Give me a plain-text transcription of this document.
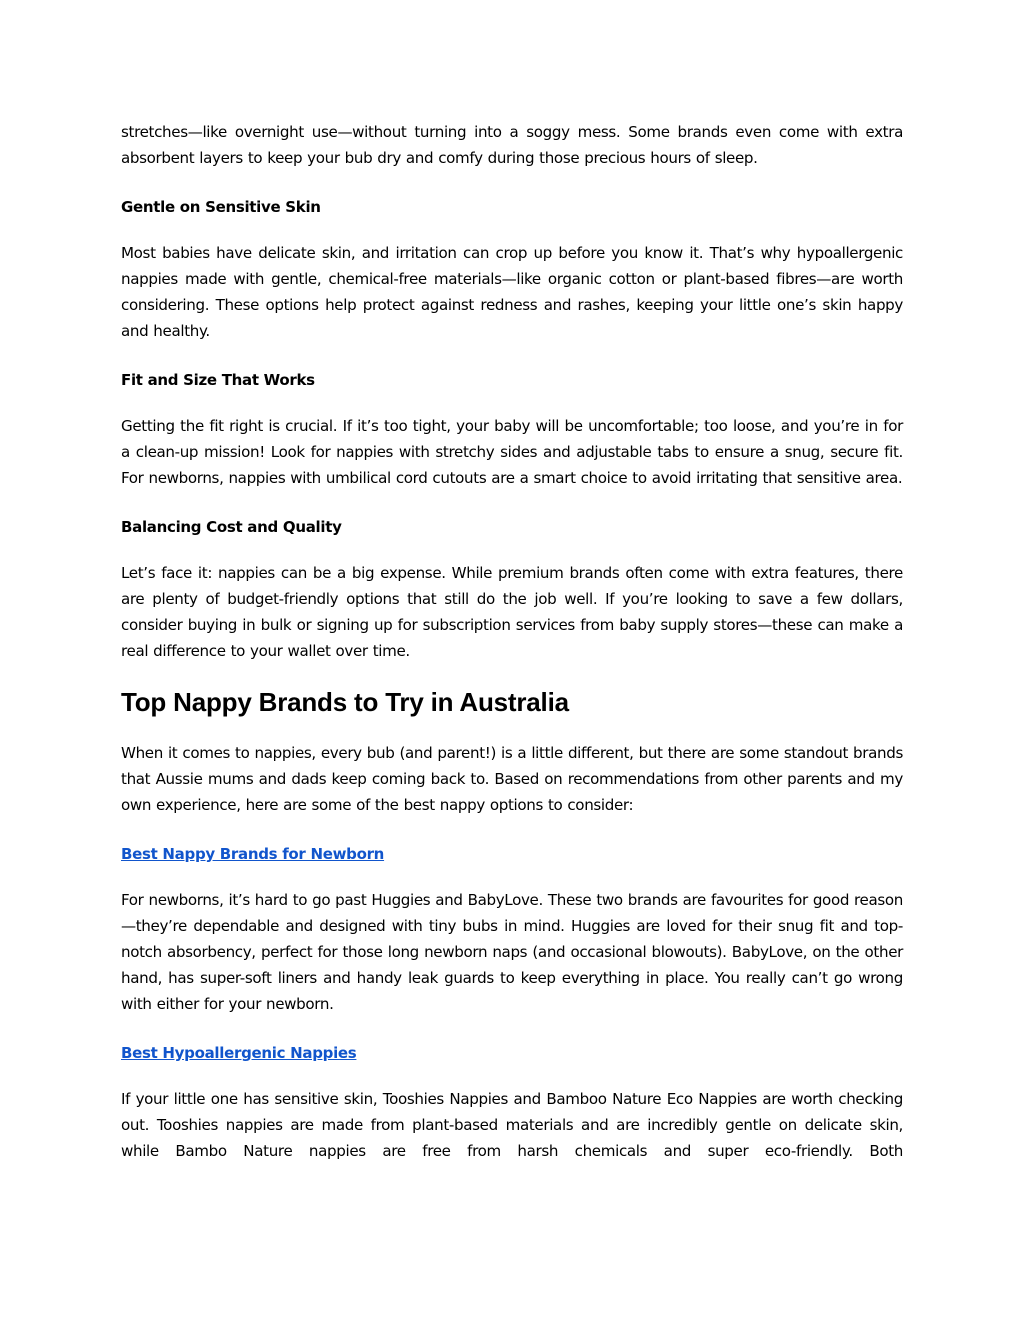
stretches—like overnight use—without turning into a soggy mess. Some brands even come with extra absorbent layers to keep your bub dry and comfy during those precious hours of sleep.

Gentle on Sensitive Skin

Most babies have delicate skin, and irritation can crop up before you know it. That’s why hypoallergenic nappies made with gentle, chemical-free materials—like organic cotton or plant-based fibres—are worth considering. These options help protect against redness and rashes, keeping your little one’s skin happy and healthy.

Fit and Size That Works

Getting the fit right is crucial. If it’s too tight, your baby will be uncomfortable; too loose, and you’re in for a clean-up mission! Look for nappies with stretchy sides and adjustable tabs to ensure a snug, secure fit. For newborns, nappies with umbilical cord cutouts are a smart choice to avoid irritating that sensitive area.

Balancing Cost and Quality

Let’s face it: nappies can be a big expense. While premium brands often come with extra features, there are plenty of budget-friendly options that still do the job well. If you’re looking to save a few dollars, consider buying in bulk or signing up for subscription services from baby supply stores—these can make a real difference to your wallet over time.

Top Nappy Brands to Try in Australia

When it comes to nappies, every bub (and parent!) is a little different, but there are some standout brands that Aussie mums and dads keep coming back to. Based on recommendations from other parents and my own experience, here are some of the best nappy options to consider:

Best Nappy Brands for Newborn

For newborns, it’s hard to go past Huggies and BabyLove. These two brands are favourites for good reason—they’re dependable and designed with tiny bubs in mind. Huggies are loved for their snug fit and top-notch absorbency, perfect for those long newborn naps (and occasional blowouts). BabyLove, on the other hand, has super-soft liners and handy leak guards to keep everything in place. You really can’t go wrong with either for your newborn.

Best Hypoallergenic Nappies

If your little one has sensitive skin, Tooshies Nappies and Bamboo Nature Eco Nappies are worth checking out. Tooshies nappies are made from plant-based materials and are incredibly gentle on delicate skin, while Bambo Nature nappies are free from harsh chemicals and super eco-friendly. Both
